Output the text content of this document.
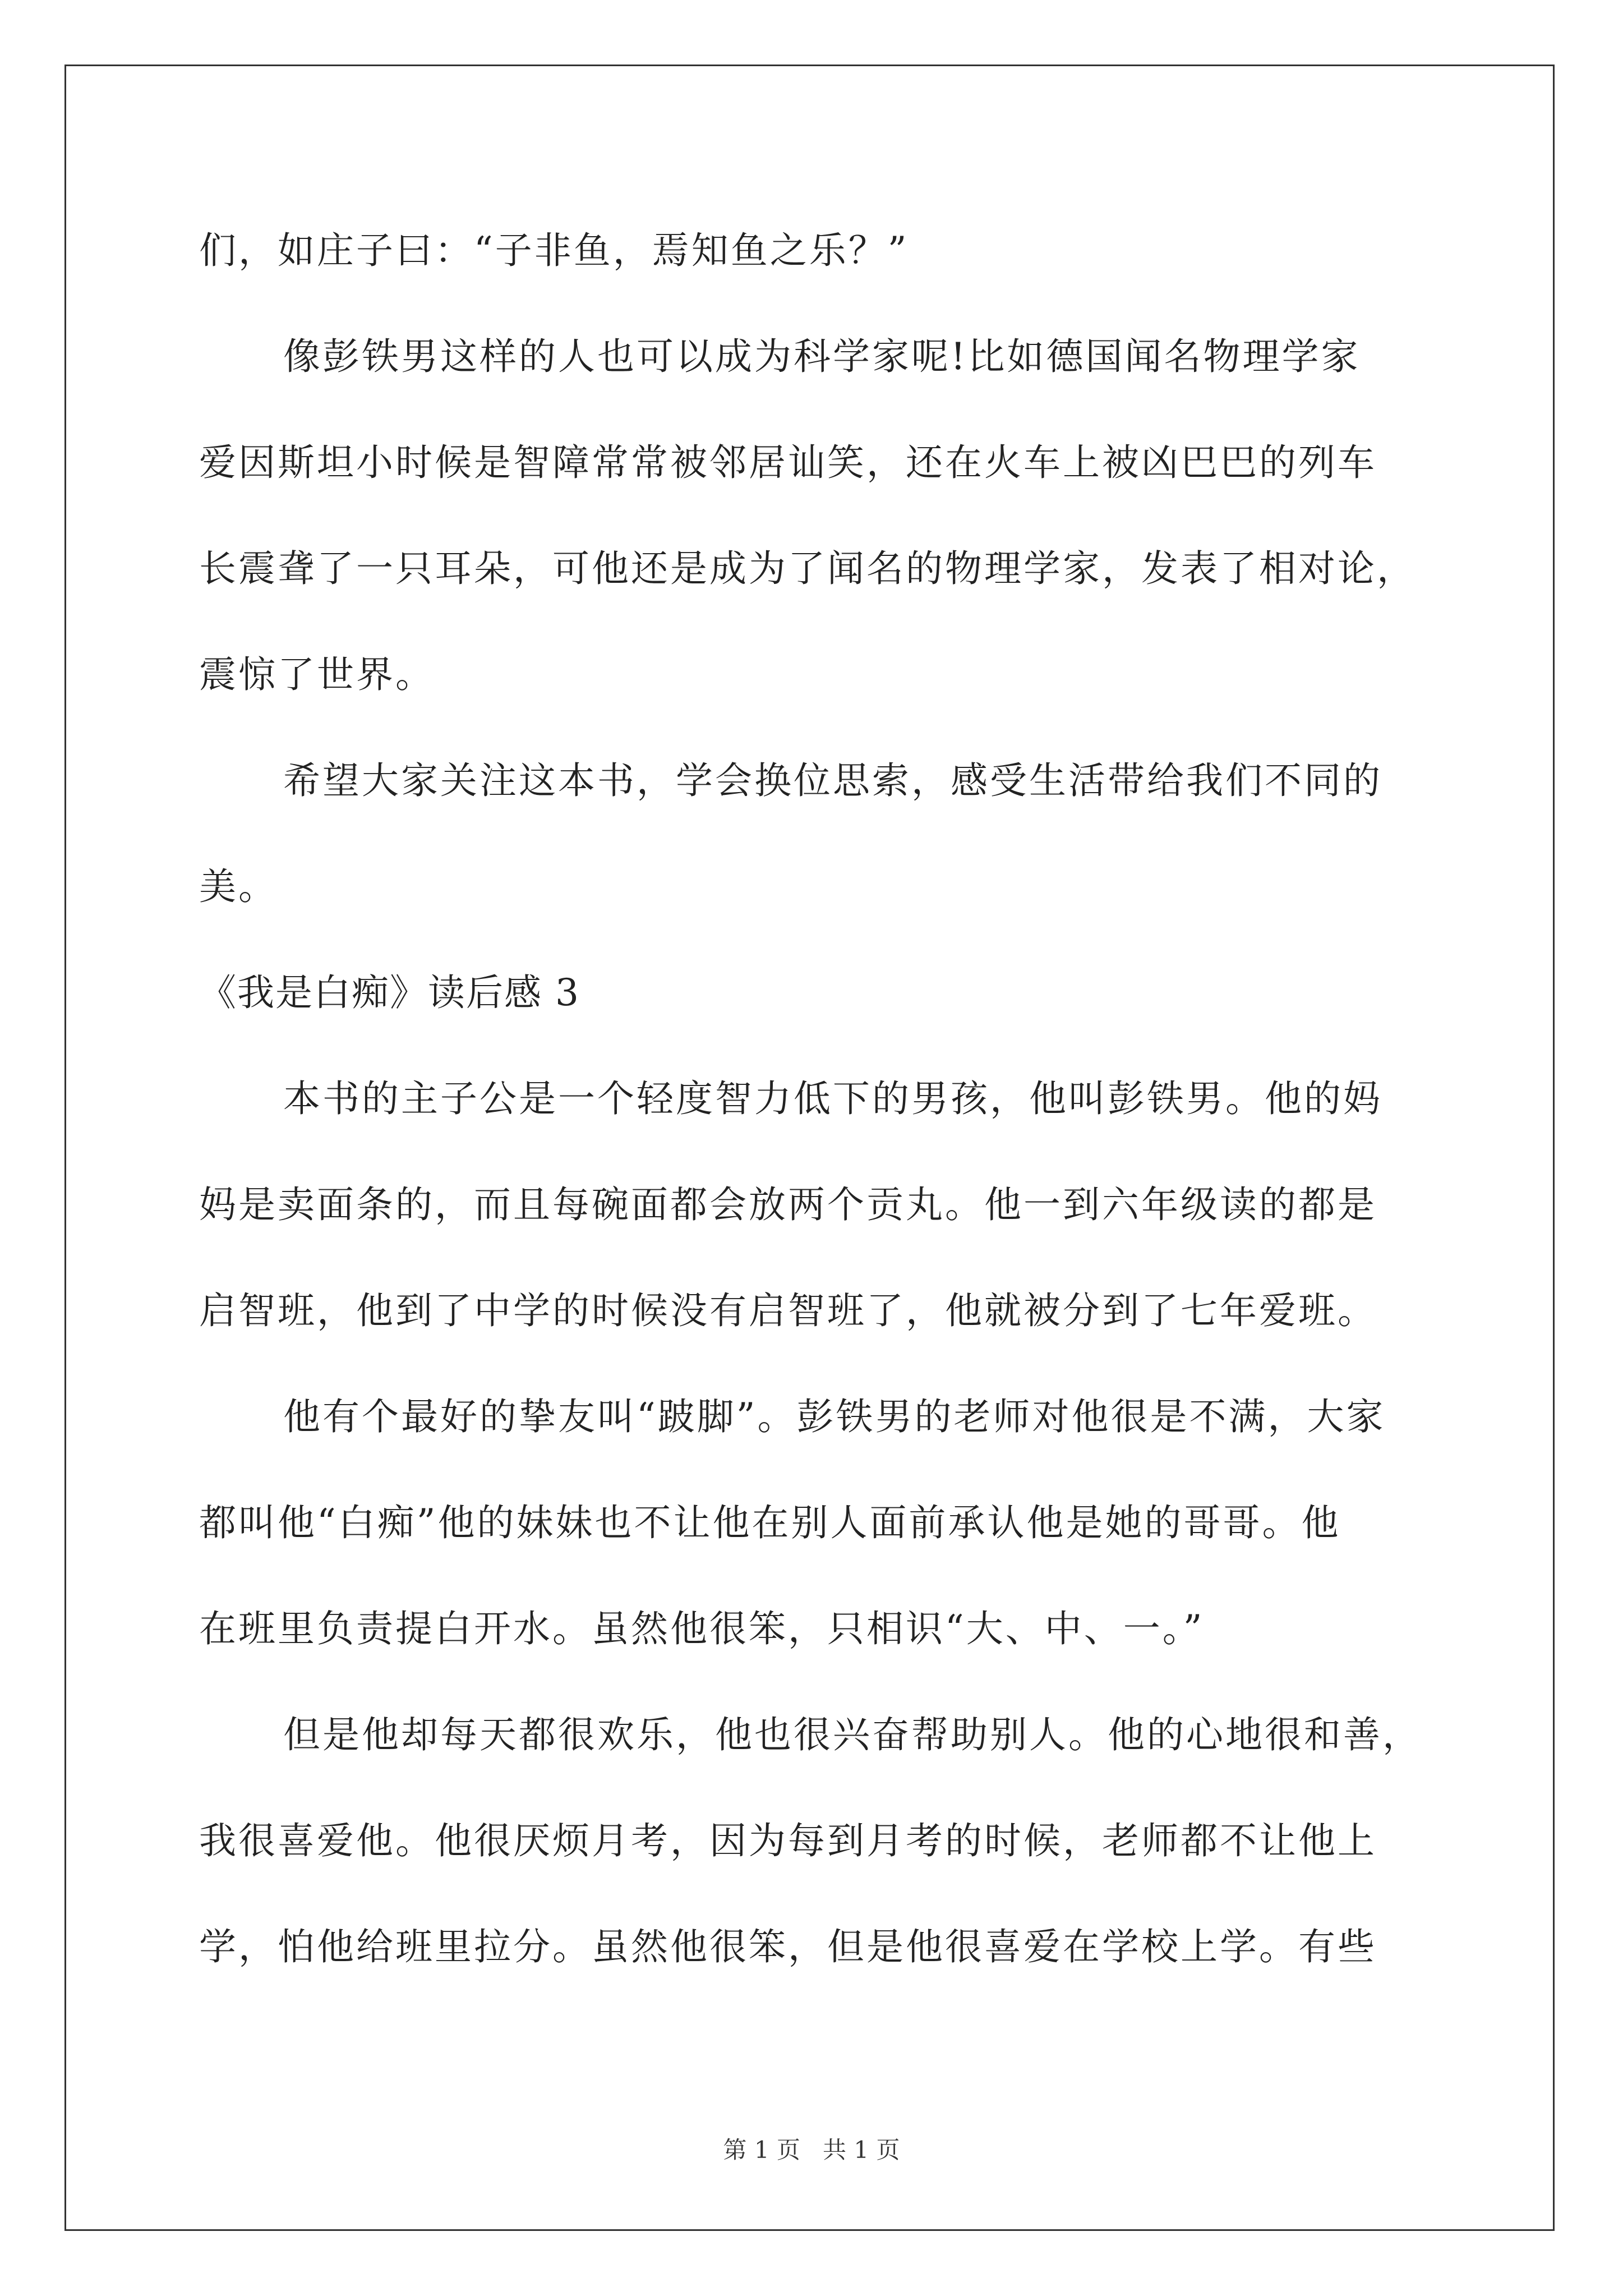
们，如庄子曰：“子非鱼，焉知鱼之乐？”
像彭铁男这样的人也可以成为科学家呢!比如德国闻名物理学家
爱因斯坦小时候是智障常常被邻居讪笑，还在火车上被凶巴巴的列车
长震聋了一只耳朵，可他还是成为了闻名的物理学家，发表了相对论，
震惊了世界。
希望大家关注这本书，学会换位思索，感受生活带给我们不同的
美。
《我是白痴》读后感 3
本书的主子公是一个轻度智力低下的男孩，他叫彭铁男。他的妈
妈是卖面条的，而且每碗面都会放两个贡丸。他一到六年级读的都是
启智班，他到了中学的时候没有启智班了，他就被分到了七年爱班。
他有个最好的挚友叫“跛脚”。彭铁男的老师对他很是不满，大家
都叫他“白痴”他的妹妹也不让他在别人面前承认他是她的哥哥。他
在班里负责提白开水。虽然他很笨，只相识“大、中、一。”
但是他却每天都很欢乐，他也很兴奋帮助别人。他的心地很和善，
我很喜爱他。他很厌烦月考，因为每到月考的时候，老师都不让他上
学，怕他给班里拉分。虽然他很笨，但是他很喜爱在学校上学。有些
第 1 页   共 1 页
